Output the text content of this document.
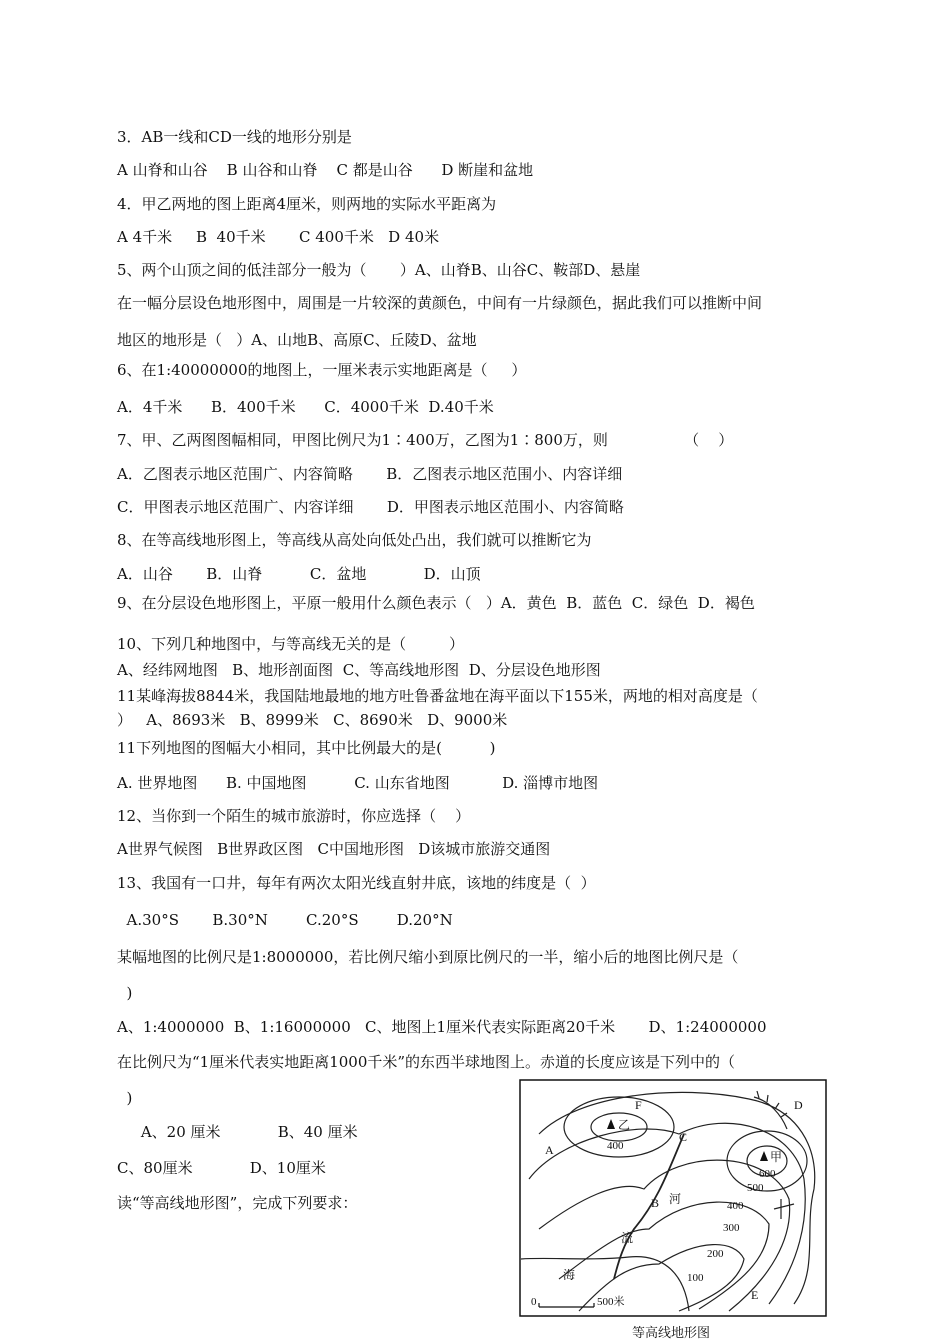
3．AB一线和CD一线的地形分别是
A 山脊和山谷    B 山谷和山脊    C 都是山谷      D 断崖和盆地
4．甲乙两地的图上距离4厘米，则两地的实际水平距离为
A 4千米     B  40千米       C 400千米   D 40米
5、两个山顶之间的低洼部分一般为（       ）A、山脊B、山谷C、鞍部D、悬崖
在一幅分层设色地形图中，周围是一片较深的黄颜色，中间有一片绿颜色，据此我们可以推断中间
地区的地形是（   ）A、山地B、高原C、丘陵D、盆地
6、在1:40000000的地图上，一厘米表示实地距离是（     ）
A．4千米      B．400千米      C．4000千米  D.40千米
7、甲、乙两图图幅相同，甲图比例尺为1∶400万，乙图为1∶800万，则                （    ）
A．乙图表示地区范围广、内容简略       B．乙图表示地区范围小、内容详细
C．甲图表示地区范围广、内容详细       D．甲图表示地区范围小、内容简略
8、在等高线地形图上，等高线从高处向低处凸出，我们就可以推断它为
A．山谷       B．山脊          C．盆地            D．山顶
9、在分层设色地形图上，平原一般用什么颜色表示（   ）A．黄色  B．蓝色  C．绿色  D．褐色
10、下列几种地图中，与等高线无关的是（         ）
A、经纬网地图   B、地形剖面图  C、等高线地形图  D、分层设色地形图
11某峰海拔8844米，我国陆地最地的地方吐鲁番盆地在海平面以下155米，两地的相对高度是（
）   A、8693米   B、8999米   C、8690米   D、9000米
11下列地图的图幅大小相同，其中比例最大的是(          )
A. 世界地图      B. 中国地图          C. 山东省地图           D. 淄博市地图
12、当你到一个陌生的城市旅游时，你应选择（    ）
A世界气候图   B世界政区图   C中国地形图   D该城市旅游交通图
13、我国有一口井，每年有两次太阳光线直射井底，该地的纬度是（  ）
A.30°S       B.30°N        C.20°S        D.20°N
某幅地图的比例尺是1:8000000，若比例尺缩小到原比例尺的一半，缩小后的地图比例尺是（
)
A、1:4000000  B、1:16000000   C、地图上1厘米代表实际距离20千米       D、1:24000000
在比例尺为“1厘米代表实地距离1000千米”的东西半球地图上。赤道的长度应该是下列中的（
)
A、20 厘米            B、40 厘米
C、80厘米            D、10厘米
读“等高线地形图”，完成下列要求：
乙
甲
400
600
500
400
300
200
100
A
B
C
D
E
F
河
流
海
0	500米
等高线地形图
